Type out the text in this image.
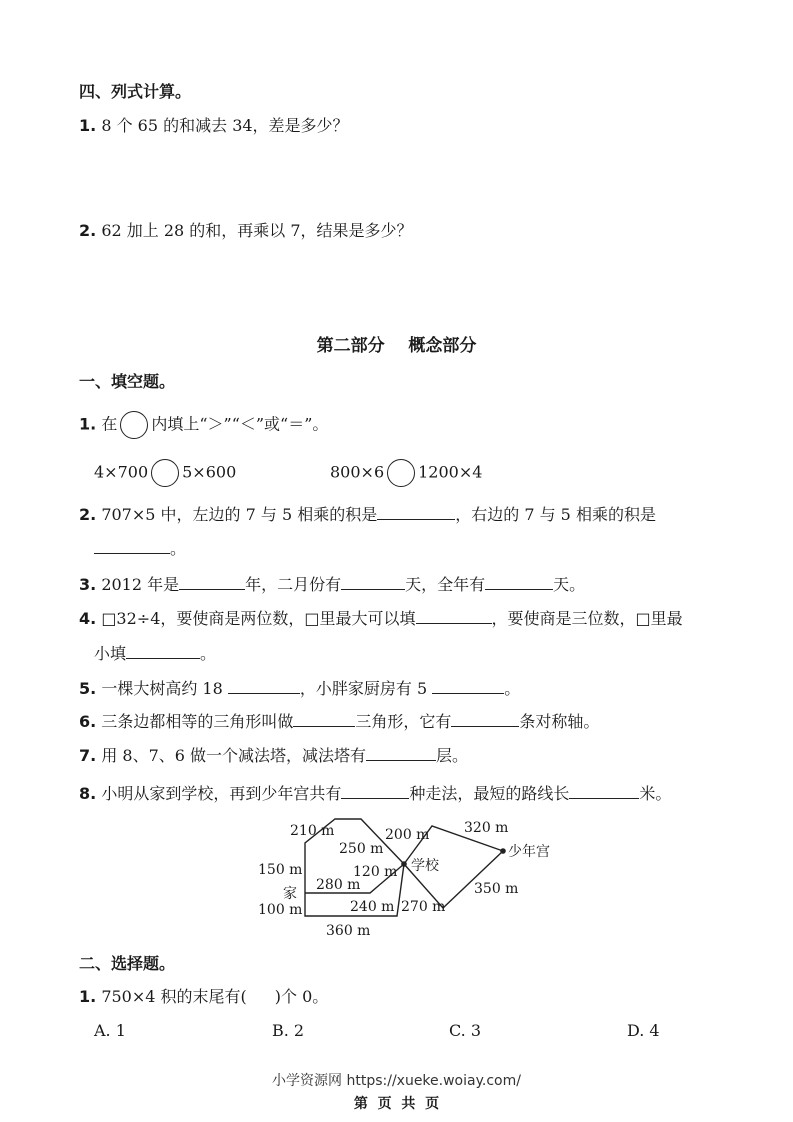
四、列式计算。
1. 8 个 65 的和减去 34，差是多少？
2. 62 加上 28 的和，再乘以 7，结果是多少？
第二部分    概念部分
一、填空题。
1. 在 内填上“＞”“＜”或“＝”。
4×700 5×600	800×6 1200×4
2. 707×5 中，左边的 7 与 5 相乘的积是	，右边的 7 与 5 相乘的积是
。
3. 2012 年是	年，二月份有	天，全年有	天。
4. □32÷4，要使商是两位数，□里最大可以填	，要使商是三位数，□里最
小填	。
5. 一棵大树高约 18	，小胖家厨房有 5	。
6. 三条边都相等的三角形叫做	三角形，它有	条对称轴。
7. 用 8、7、6 做一个减法塔，减法塔有	层。
8. 小明从家到学校，再到少年宫共有	种走法，最短的路线长	米。
210 m
150 m
家
100 m
250 m
120 m
280 m
240 m
360 m
200 m
学校
270 m
320 m
少年宫
350 m
二、选择题。
1. 750×4 积的末尾有( )个 0。
A. 1	B. 2	C. 3	D. 4
小学资源网 https://xueke.woiay.com/
第  页  共  页
